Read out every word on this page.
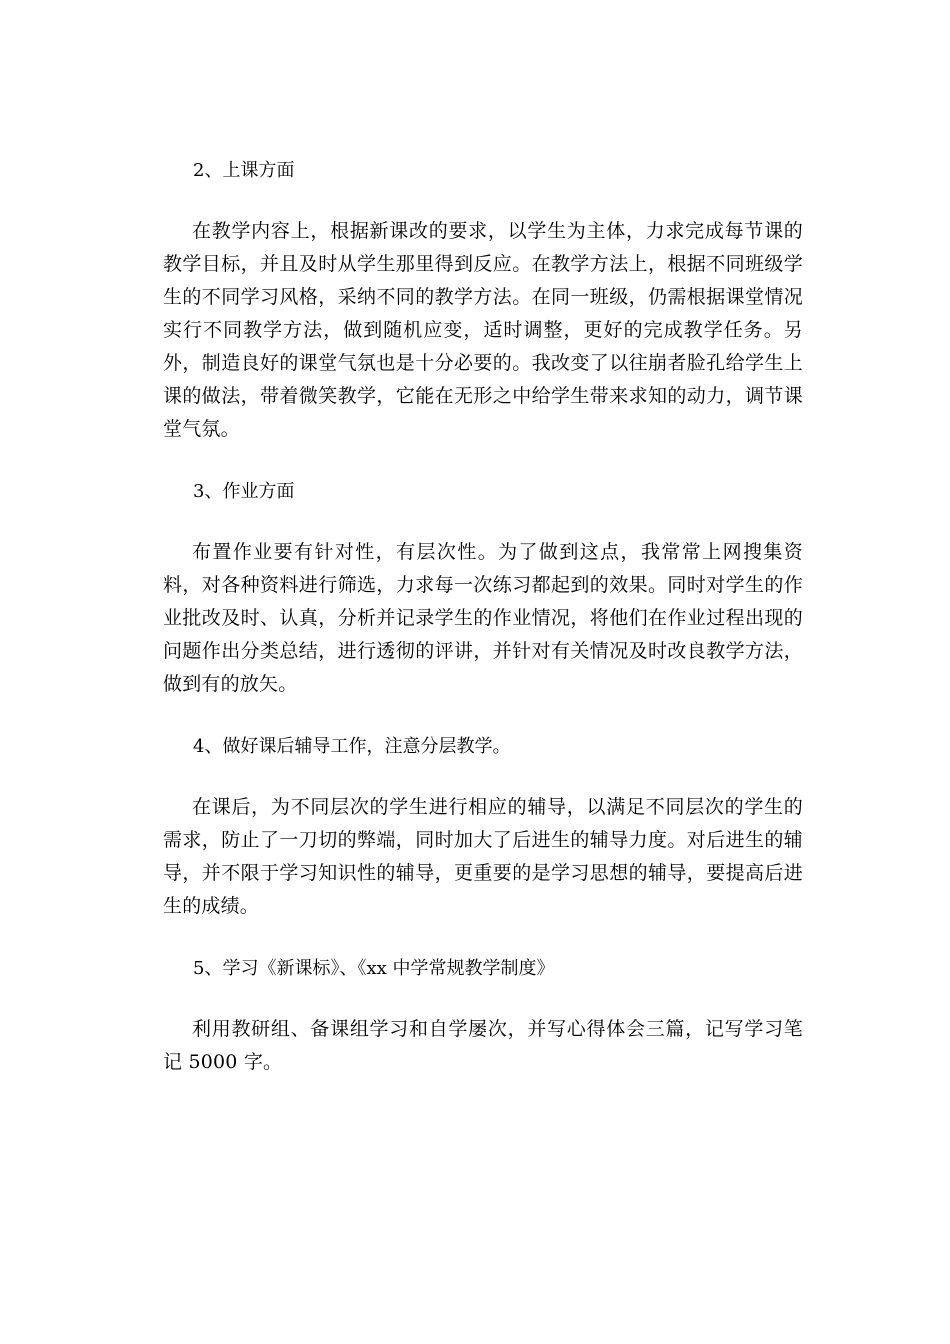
2、上课方面

在教学内容上，根据新课改的要求，以学生为主体，力求完成每节课的教学目标，并且及时从学生那里得到反应。在教学方法上，根据不同班级学生的不同学习风格，采纳不同的教学方法。在同一班级，仍需根据课堂情况实行不同教学方法，做到随机应变，适时调整，更好的完成教学任务。另外，制造良好的课堂气氛也是十分必要的。我改变了以往崩者脸孔给学生上课的做法，带着微笑教学，它能在无形之中给学生带来求知的动力，调节课堂气氛。

3、作业方面

布置作业要有针对性，有层次性。为了做到这点，我常常上网搜集资料，对各种资料进行筛选，力求每一次练习都起到的效果。同时对学生的作业批改及时、认真，分析并记录学生的作业情况，将他们在作业过程出现的问题作出分类总结，进行透彻的评讲，并针对有关情况及时改良教学方法，做到有的放矢。

4、做好课后辅导工作，注意分层教学。

在课后，为不同层次的学生进行相应的辅导，以满足不同层次的学生的需求，防止了一刀切的弊端，同时加大了后进生的辅导力度。对后进生的辅导，并不限于学习知识性的辅导，更重要的是学习思想的辅导，要提高后进生的成绩。

5、学习《新课标》、《xx 中学常规教学制度》

利用教研组、备课组学习和自学屡次，并写心得体会三篇，记写学习笔记 5000 字。
